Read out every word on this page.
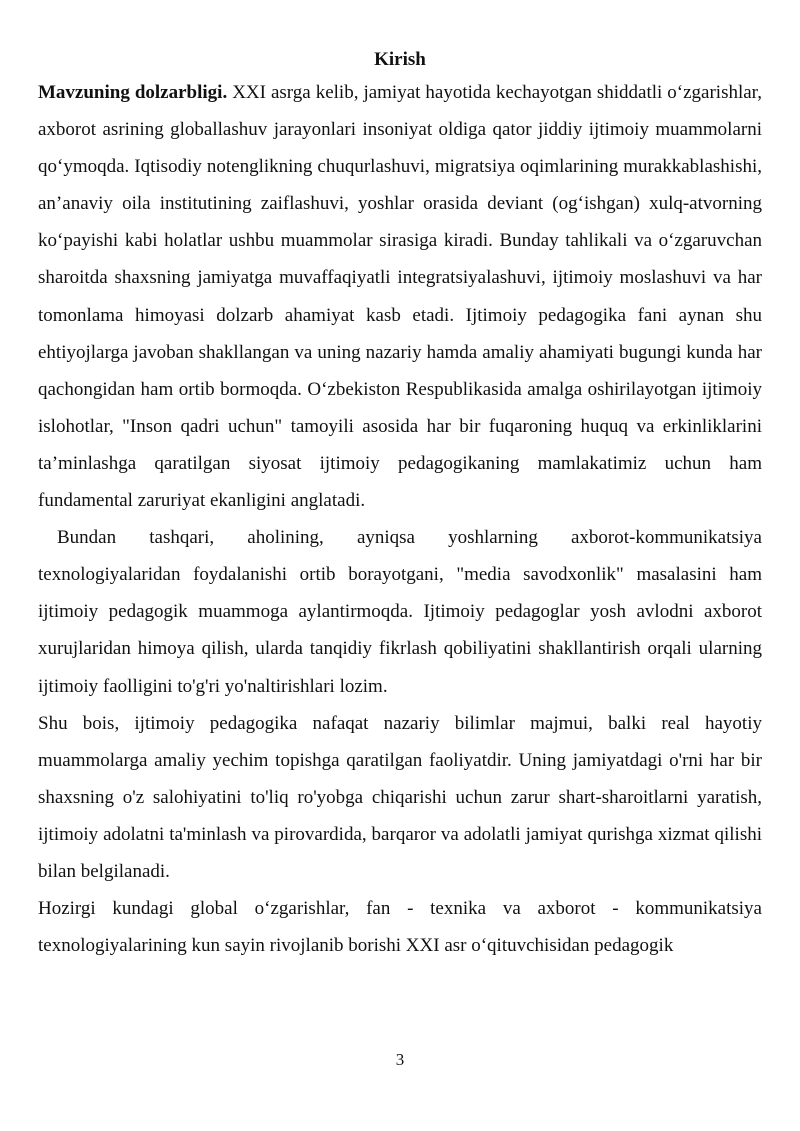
Kirish

Mavzuning dolzarbligi. XXI asrga kelib, jamiyat hayotida kechayotgan shiddatli oʻzgarishlar, axborot asrining globallashuv jarayonlari insoniyat oldiga qator jiddiy ijtimoiy muammolarni qoʻymoqda. Iqtisodiy notenglikning chuqurlashuvi, migratsiya oqimlarining murakkablashishi, an’anaviy oila institutining zaiflashuvi, yoshlar orasida deviant (ogʻishgan) xulq-atvorning koʻpayishi kabi holatlar ushbu muammolar sirasiga kiradi. Bunday tahlikali va oʻzgaruvchan sharoitda shaxsning jamiyatga muvaffaqiyatli integratsiyalashuvi, ijtimoiy moslashuvi va har tomonlama himoyasi dolzarb ahamiyat kasb etadi. Ijtimoiy pedagogika fani aynan shu ehtiyojlarga javoban shakllangan va uning nazariy hamda amaliy ahamiyati bugungi kunda har qachongidan ham ortib bormoqda. Oʻzbekiston Respublikasida amalga oshirilayotgan ijtimoiy islohotlar, "Inson qadri uchun" tamoyili asosida har bir fuqaroning huquq va erkinliklarini ta’minlashga qaratilgan siyosat ijtimoiy pedagogikaning mamlakatimiz uchun ham fundamental zaruriyat ekanligini anglatadi.

Bundan tashqari, aholining, ayniqsa yoshlarning axborot-kommunikatsiya texnologiyalaridan foydalanishi ortib borayotgani, "media savodxonlik" masalasini ham ijtimoiy pedagogik muammoga aylantirmoqda. Ijtimoiy pedagoglar yosh avlodni axborot xurujlaridan himoya qilish, ularda tanqidiy fikrlash qobiliyatini shakllantirish orqali ularning ijtimoiy faolligini to'g'ri yo'naltirishlari lozim.

Shu bois, ijtimoiy pedagogika nafaqat nazariy bilimlar majmui, balki real hayotiy muammolarga amaliy yechim topishga qaratilgan faoliyatdir. Uning jamiyatdagi o'rni har bir shaxsning o'z salohiyatini to'liq ro'yobga chiqarishi uchun zarur shart-sharoitlarni yaratish, ijtimoiy adolatni ta'minlash va pirovardida, barqaror va adolatli jamiyat qurishga xizmat qilishi bilan belgilanadi.

Hozirgi kundagi global oʻzgarishlar, fan - texnika va axborot - kommunikatsiya texnologiyalarining kun sayin rivojlanib borishi XXI asr oʻqituvchisidan pedagogik

3
